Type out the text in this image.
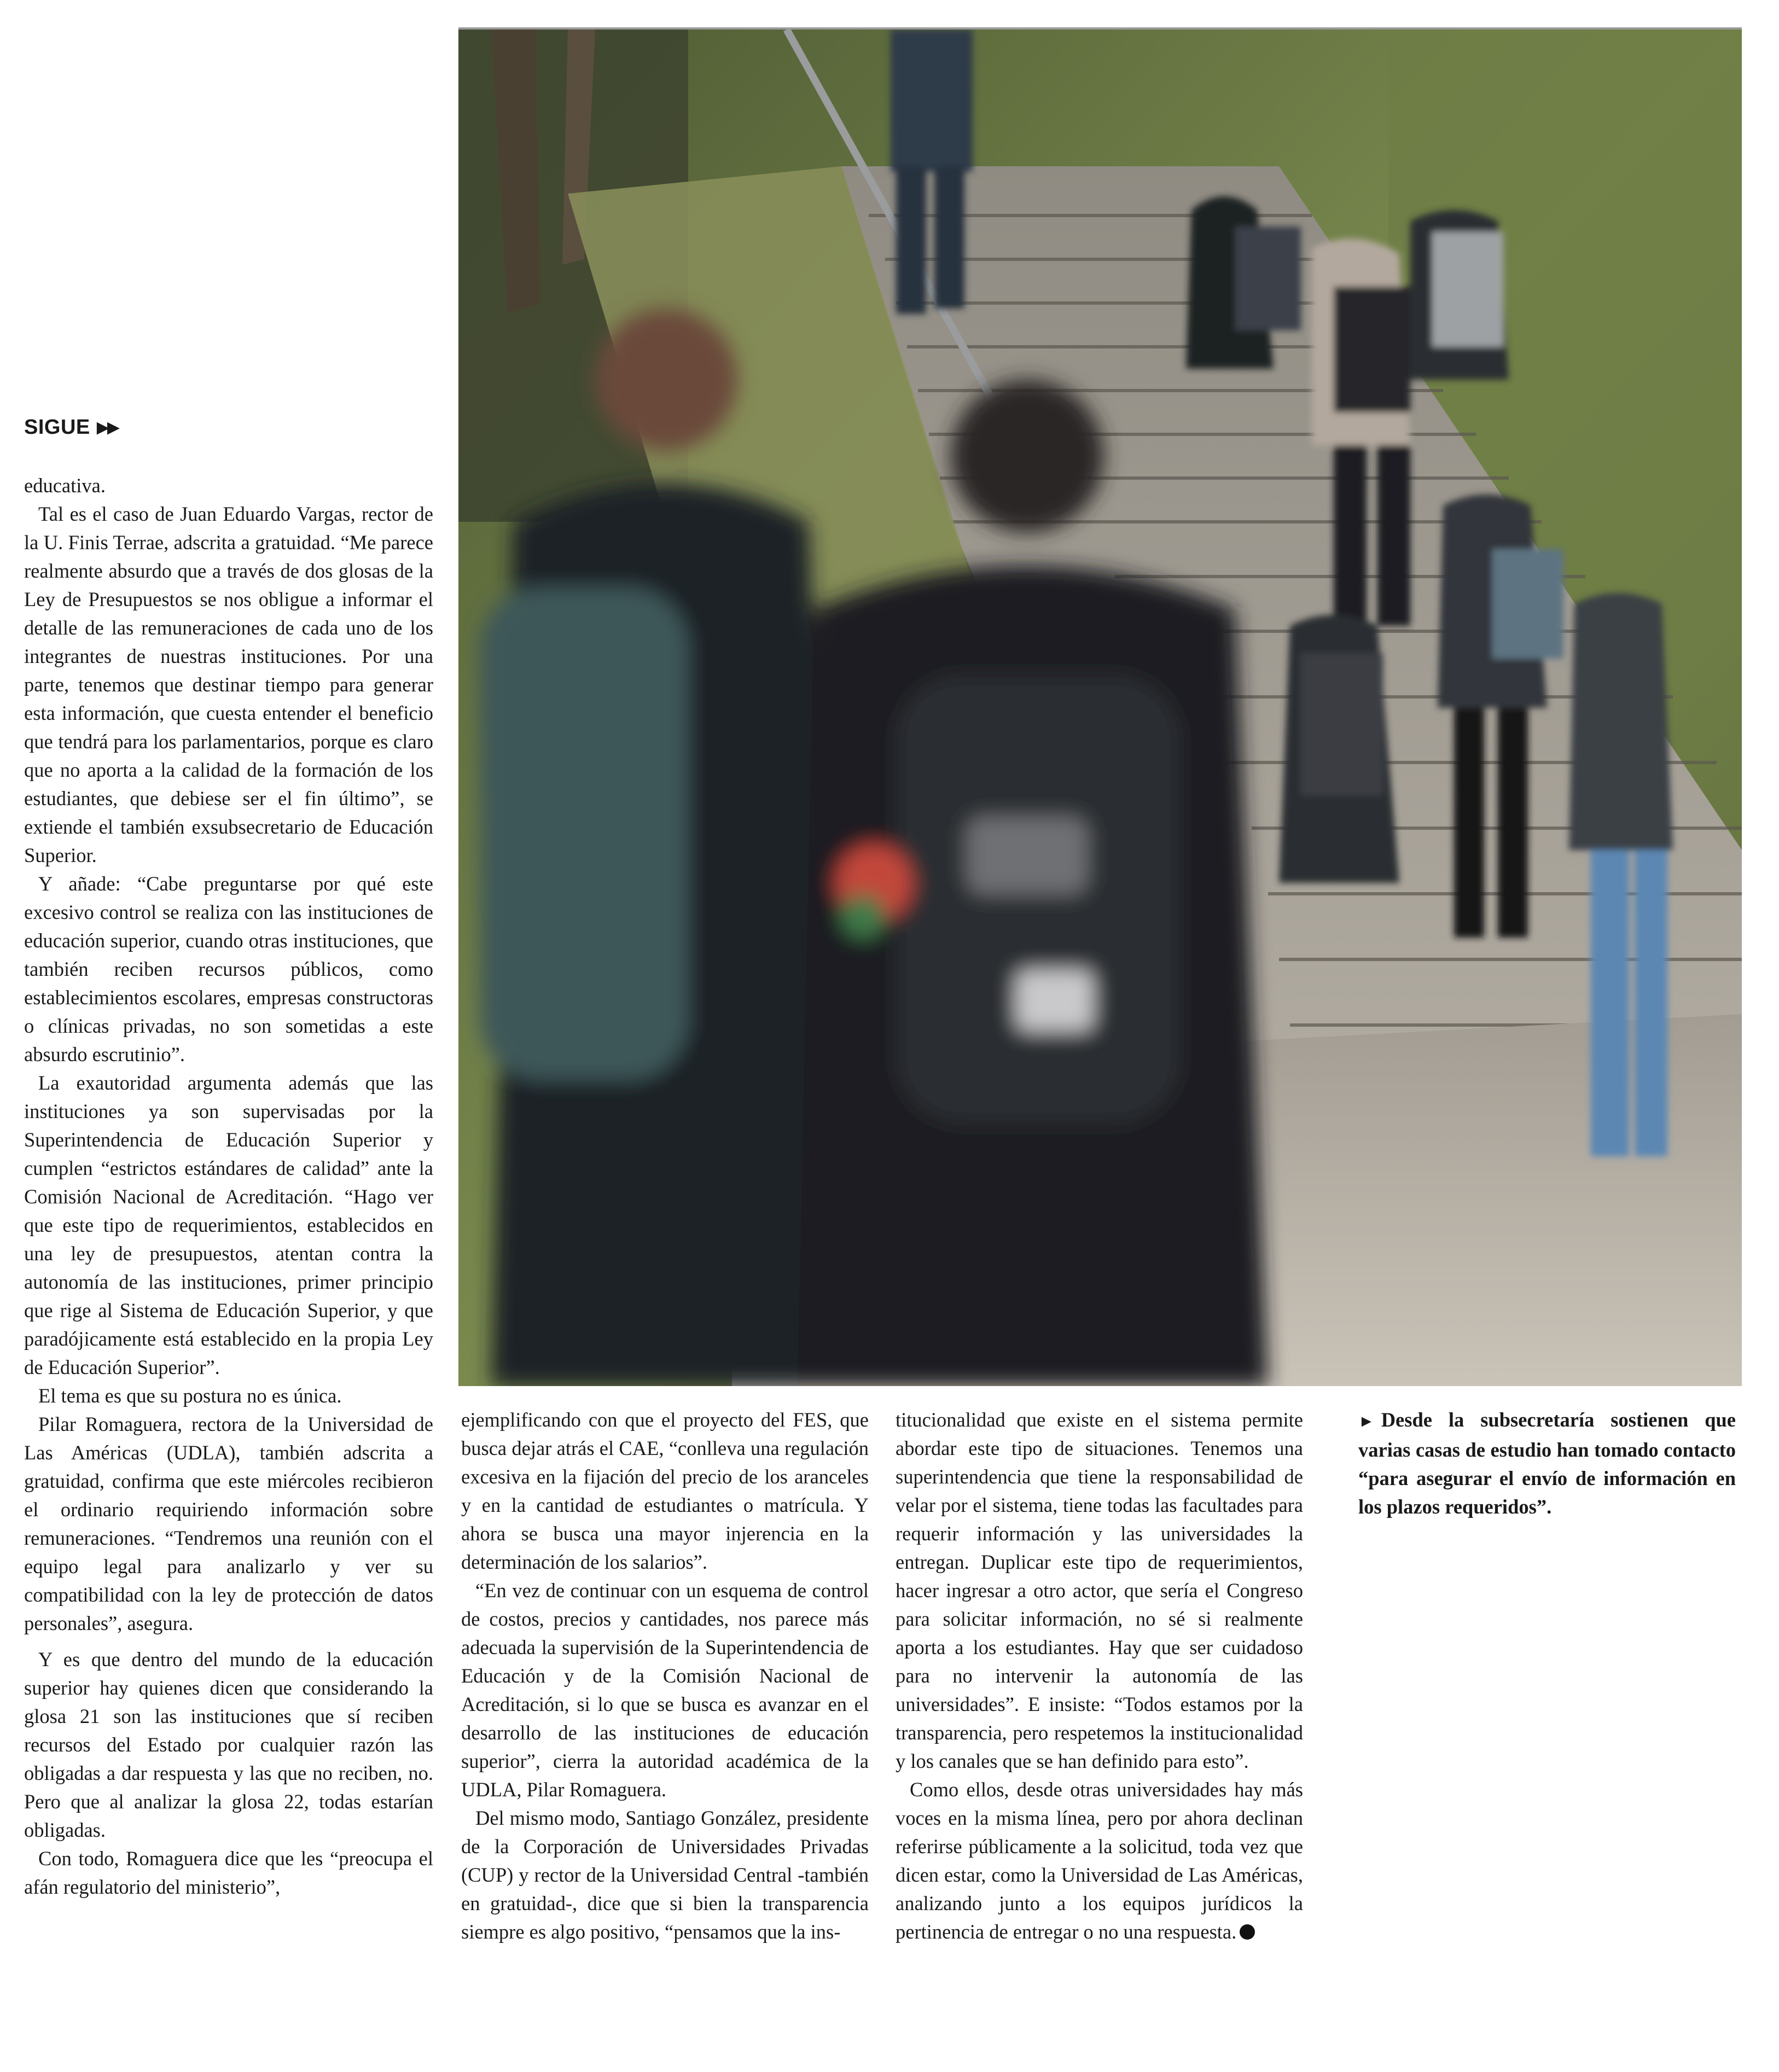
SIGUE ▶▶

educativa.

Tal es el caso de Juan Eduardo Vargas, rector de la U. Finis Terrae, adscrita a gratuidad. “Me parece realmente absurdo que a través de dos glosas de la Ley de Presupuestos se nos obligue a informar el detalle de las remuneraciones de cada uno de los integrantes de nuestras instituciones. Por una parte, tenemos que destinar tiempo para generar esta información, que cuesta entender el beneficio que tendrá para los parlamentarios, porque es claro que no aporta a la calidad de la formación de los estudiantes, que debiese ser el fin último”, se extiende el también exsubsecretario de Educación Superior.

Y añade: “Cabe preguntarse por qué este excesivo control se realiza con las instituciones de educación superior, cuando otras instituciones, que también reciben recursos públicos, como establecimientos escolares, empresas constructoras o clínicas privadas, no son sometidas a este absurdo escrutinio”.

La exautoridad argumenta además que las instituciones ya son supervisadas por la Superintendencia de Educación Superior y cumplen “estrictos estándares de calidad” ante la Comisión Nacional de Acreditación. “Hago ver que este tipo de requerimientos, establecidos en una ley de presupuestos, atentan contra la autonomía de las instituciones, primer principio que rige al Sistema de Educación Superior, y que paradójicamente está establecido en la propia Ley de Educación Superior”.

El tema es que su postura no es única.

Pilar Romaguera, rectora de la Universidad de Las Américas (UDLA), también adscrita a gratuidad, confirma que este miércoles recibieron el ordinario requiriendo información sobre remuneraciones. “Tendremos una reunión con el equipo legal para analizarlo y ver su compatibilidad con la ley de protección de datos personales”, asegura.

Y es que dentro del mundo de la educación superior hay quienes dicen que considerando la glosa 21 son las instituciones que sí reciben recursos del Estado por cualquier razón las obligadas a dar respuesta y las que no reciben, no. Pero que al analizar la glosa 22, todas estarían obligadas.

Con todo, Romaguera dice que les “preocupa el afán regulatorio del ministerio”,

ejemplificando con que el proyecto del FES, que busca dejar atrás el CAE, “conlleva una regulación excesiva en la fijación del precio de los aranceles y en la cantidad de estudiantes o matrícula. Y ahora se busca una mayor injerencia en la determinación de los salarios”.

“En vez de continuar con un esquema de control de costos, precios y cantidades, nos parece más adecuada la supervisión de la Superintendencia de Educación y de la Comisión Nacional de Acreditación, si lo que se busca es avanzar en el desarrollo de las instituciones de educación superior”, cierra la autoridad académica de la UDLA, Pilar Romaguera.

Del mismo modo, Santiago González, presidente de la Corporación de Universidades Privadas (CUP) y rector de la Universidad Central -también en gratuidad-, dice que si bien la transparencia siempre es algo positivo, “pensamos que la ins-

titucionalidad que existe en el sistema permite abordar este tipo de situaciones. Tenemos una superintendencia que tiene la responsabilidad de velar por el sistema, tiene todas las facultades para requerir información y las universidades la entregan. Duplicar este tipo de requerimientos, hacer ingresar a otro actor, que sería el Congreso para solicitar información, no sé si realmente aporta a los estudiantes. Hay que ser cuidadoso para no intervenir la autonomía de las universidades”. E insiste: “Todos estamos por la transparencia, pero respetemos la institucionalidad y los canales que se han definido para esto”.

Como ellos, desde otras universidades hay más voces en la misma línea, pero por ahora declinan referirse públicamente a la solicitud, toda vez que dicen estar, como la Universidad de Las Américas, analizando junto a los equipos jurídicos la pertinencia de entregar o no una respuesta.

► Desde la subsecretaría sostienen que varias casas de estudio han tomado contacto “para asegurar el envío de información en los plazos requeridos”.
